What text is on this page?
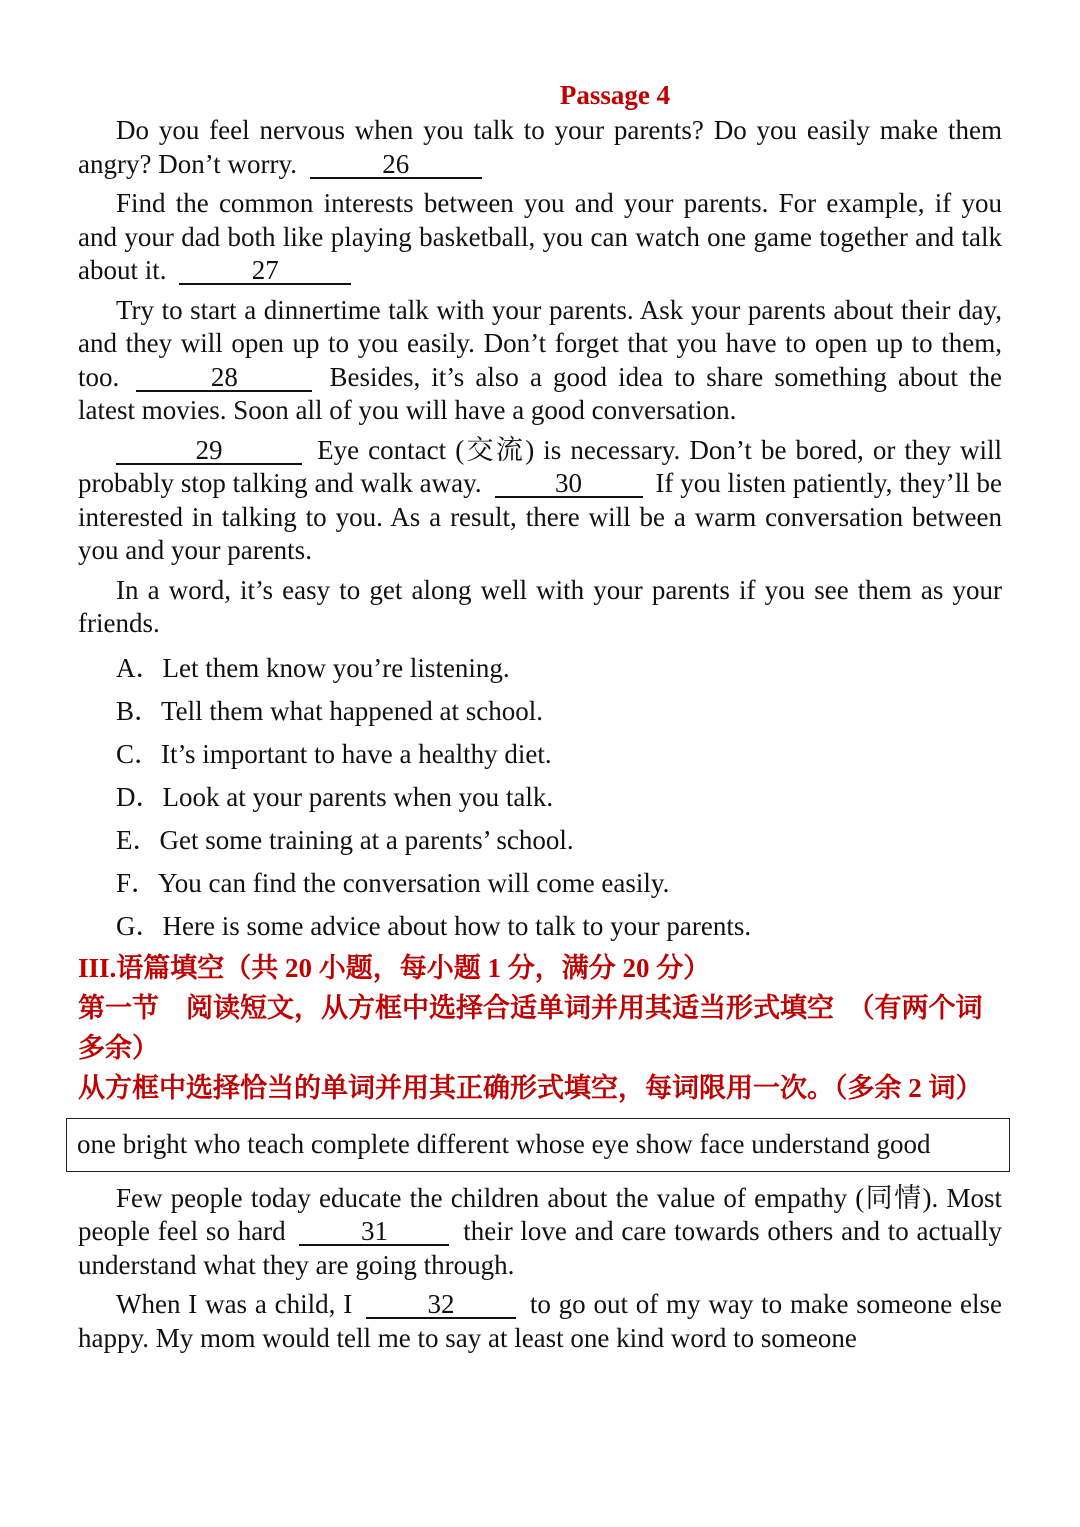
Passage 4

Do you feel nervous when you talk to your parents? Do you easily make them angry? Don’t worry.	26

Find the common interests between you and your parents. For example, if you and your dad both like playing basketball, you can watch one game together and talk about it.	27

Try to start a dinnertime talk with your parents. Ask your parents about their day, and they will open up to you easily. Don’t forget that you have to open up to them, too.	28	Besides, it’s also a good idea to share something about the latest movies. Soon all of you will have a good conversation.

29	Eye contact (交流) is necessary. Don’t be bored, or they will probably stop talking and walk away.	30	If you listen patiently, they’ll be interested in talking to you. As a result, there will be a warm conversation between you and your parents.

In a word, it’s easy to get along well with your parents if you see them as your friends.

A．Let them know you’re listening.
B．Tell them what happened at school.
C．It’s important to have a healthy diet.
D．Look at your parents when you talk.
E．Get some training at a parents’ school.
F．You can find the conversation will come easily.
G．Here is some advice about how to talk to your parents.
III.语篇填空（共 20 小题，每小题 1 分，满分 20 分）
第一节　阅读短文，从方框中选择合适单词并用其适当形式填空　（有两个词多余）
从方框中选择恰当的单词并用其正确形式填空，每词限用一次。（多余 2 词）
one bright who teach complete different whose eye show face understand good

Few people today educate the children about the value of empathy (同情). Most people feel so hard	31	their love and care towards others and to actually understand what they are going through.

When I was a child, I	32	to go out of my way to make someone else happy. My mom would tell me to say at least one kind word to someone
